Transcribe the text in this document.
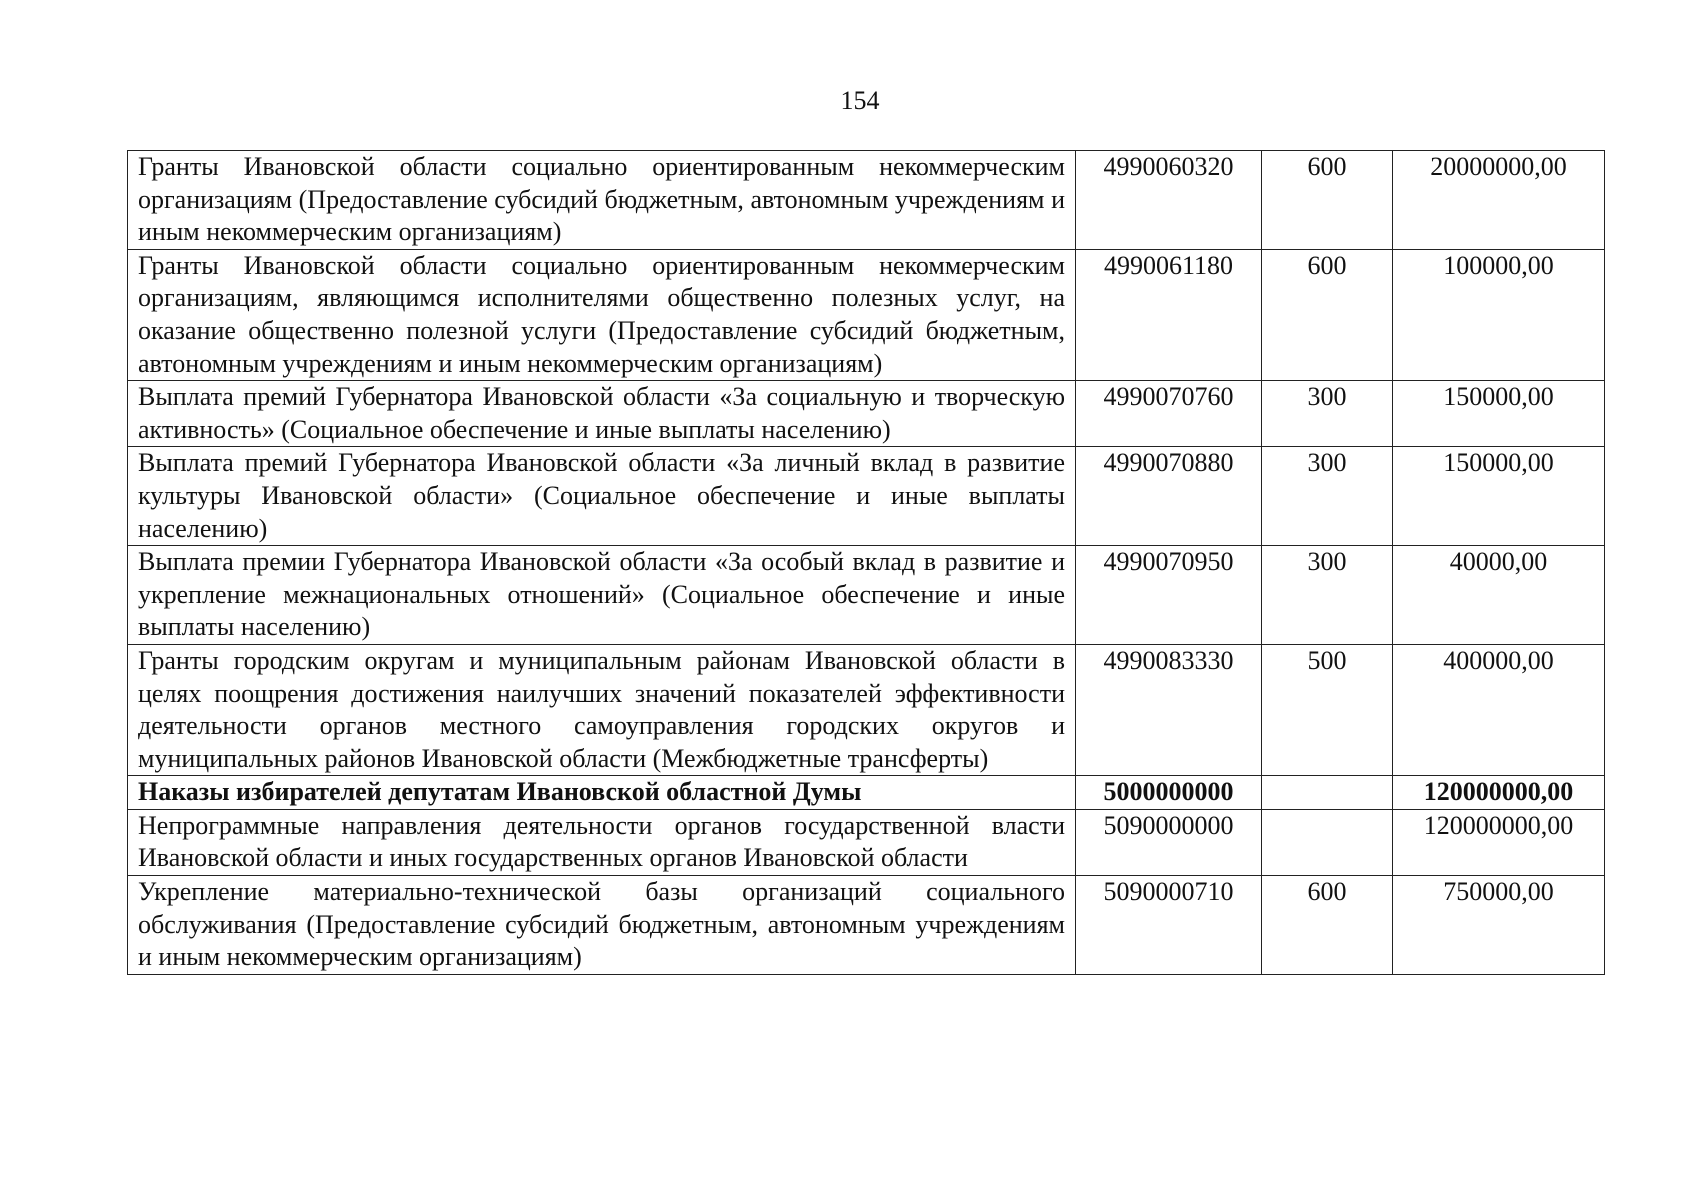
154
Гранты Ивановской области социально ориентированным некоммерческим организациям (Предоставление субсидий бюджетным, автономным учреждениям и иным некоммерческим организациям)	4990060320	600	20000000,00
Гранты Ивановской области социально ориентированным некоммерческим организациям, являющимся исполнителями общественно полезных услуг, на оказание общественно полезной услуги (Предоставление субсидий бюджетным, автономным учреждениям и иным некоммерческим организациям)	4990061180	600	100000,00
Выплата премий Губернатора Ивановской области «За социальную и творческую активность» (Социальное обеспечение и иные выплаты населению)	4990070760	300	150000,00
Выплата премий Губернатора Ивановской области «За личный вклад в развитие культуры Ивановской области» (Социальное обеспечение и иные выплаты населению)	4990070880	300	150000,00
Выплата премии Губернатора Ивановской области «За особый вклад в развитие и укрепление межнациональных отношений» (Социальное обеспечение и иные выплаты населению)	4990070950	300	40000,00
Гранты городским округам и муниципальным районам Ивановской области в целях поощрения достижения наилучших значений показателей эффективности деятельности органов местного самоуправления городских округов и муниципальных районов Ивановской области (Межбюджетные трансферты)	4990083330	500	400000,00
Наказы избирателей депутатам Ивановской областной Думы	5000000000		120000000,00
Непрограммные направления деятельности органов государственной власти Ивановской области и иных государственных органов Ивановской области	5090000000		120000000,00
Укрепление материально-технической базы организаций социального обслуживания (Предоставление субсидий бюджетным, автономным учреждениям и иным некоммерческим организациям)	5090000710	600	750000,00
